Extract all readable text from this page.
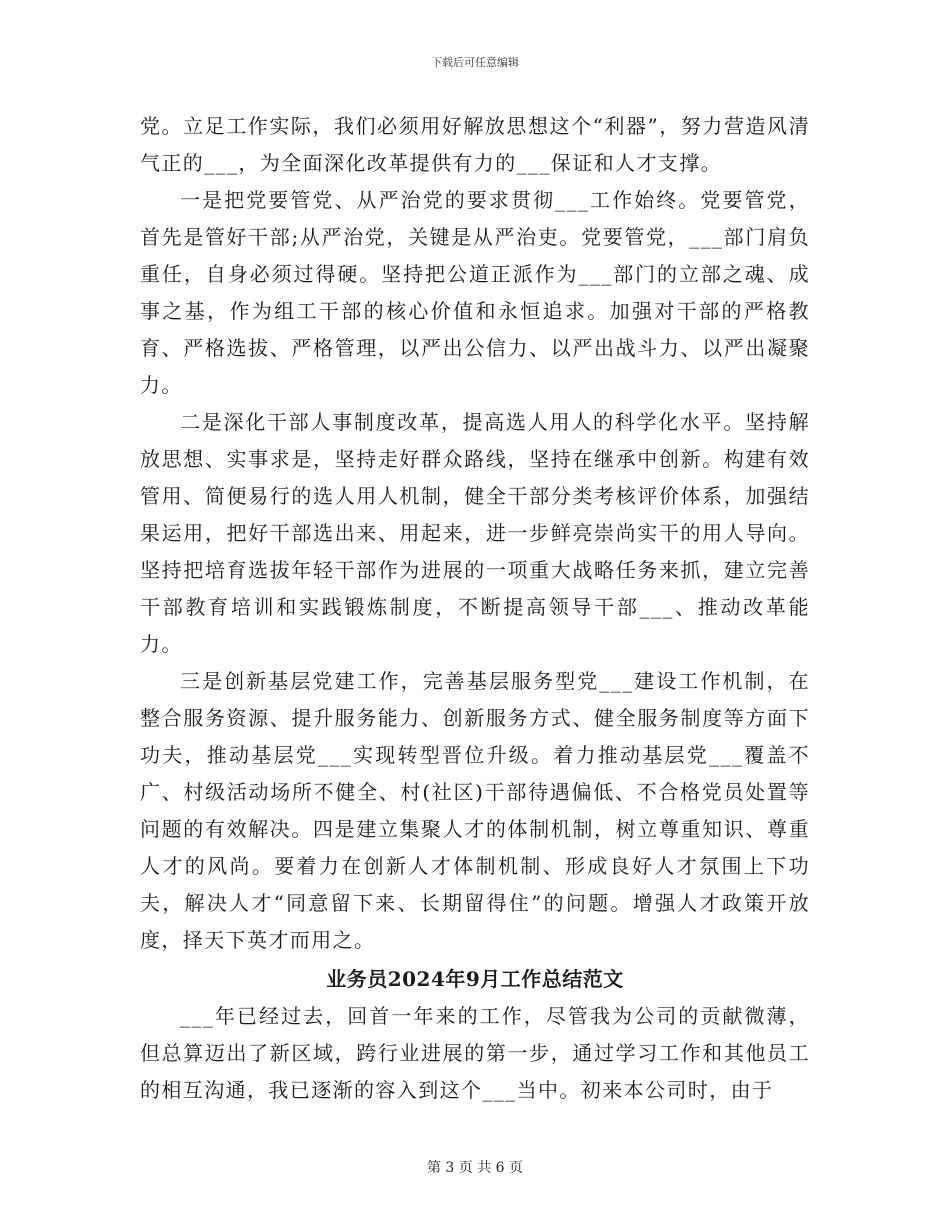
下载后可任意编辑

党。立足工作实际，我们必须用好解放思想这个“利器”，努力营造风清气正的___，为全面深化改革提供有力的___保证和人才支撑。

一是把党要管党、从严治党的要求贯彻___工作始终。党要管党，首先是管好干部;从严治党，关键是从严治吏。党要管党，___部门肩负重任，自身必须过得硬。坚持把公道正派作为___部门的立部之魂、成事之基，作为组工干部的核心价值和永恒追求。加强对干部的严格教育、严格选拔、严格管理，以严出公信力、以严出战斗力、以严出凝聚力。

二是深化干部人事制度改革，提高选人用人的科学化水平。坚持解放思想、实事求是，坚持走好群众路线，坚持在继承中创新。构建有效管用、简便易行的选人用人机制，健全干部分类考核评价体系，加强结果运用，把好干部选出来、用起来，进一步鲜亮崇尚实干的用人导向。坚持把培育选拔年轻干部作为进展的一项重大战略任务来抓，建立完善干部教育培训和实践锻炼制度，不断提高领导干部___、推动改革能力。

三是创新基层党建工作，完善基层服务型党___建设工作机制，在整合服务资源、提升服务能力、创新服务方式、健全服务制度等方面下功夫，推动基层党___实现转型晋位升级。着力推动基层党___覆盖不广、村级活动场所不健全、村(社区)干部待遇偏低、不合格党员处置等问题的有效解决。四是建立集聚人才的体制机制，树立尊重知识、尊重人才的风尚。要着力在创新人才体制机制、形成良好人才氛围上下功夫，解决人才“同意留下来、长期留得住”的问题。增强人才政策开放度，择天下英才而用之。

业务员2024年9月工作总结范文

___年已经过去，回首一年来的工作，尽管我为公司的贡献微薄，但总算迈出了新区域，跨行业进展的第一步，通过学习工作和其他员工的相互沟通，我已逐渐的容入到这个___当中。初来本公司时，由于

第 3 页 共 6 页
